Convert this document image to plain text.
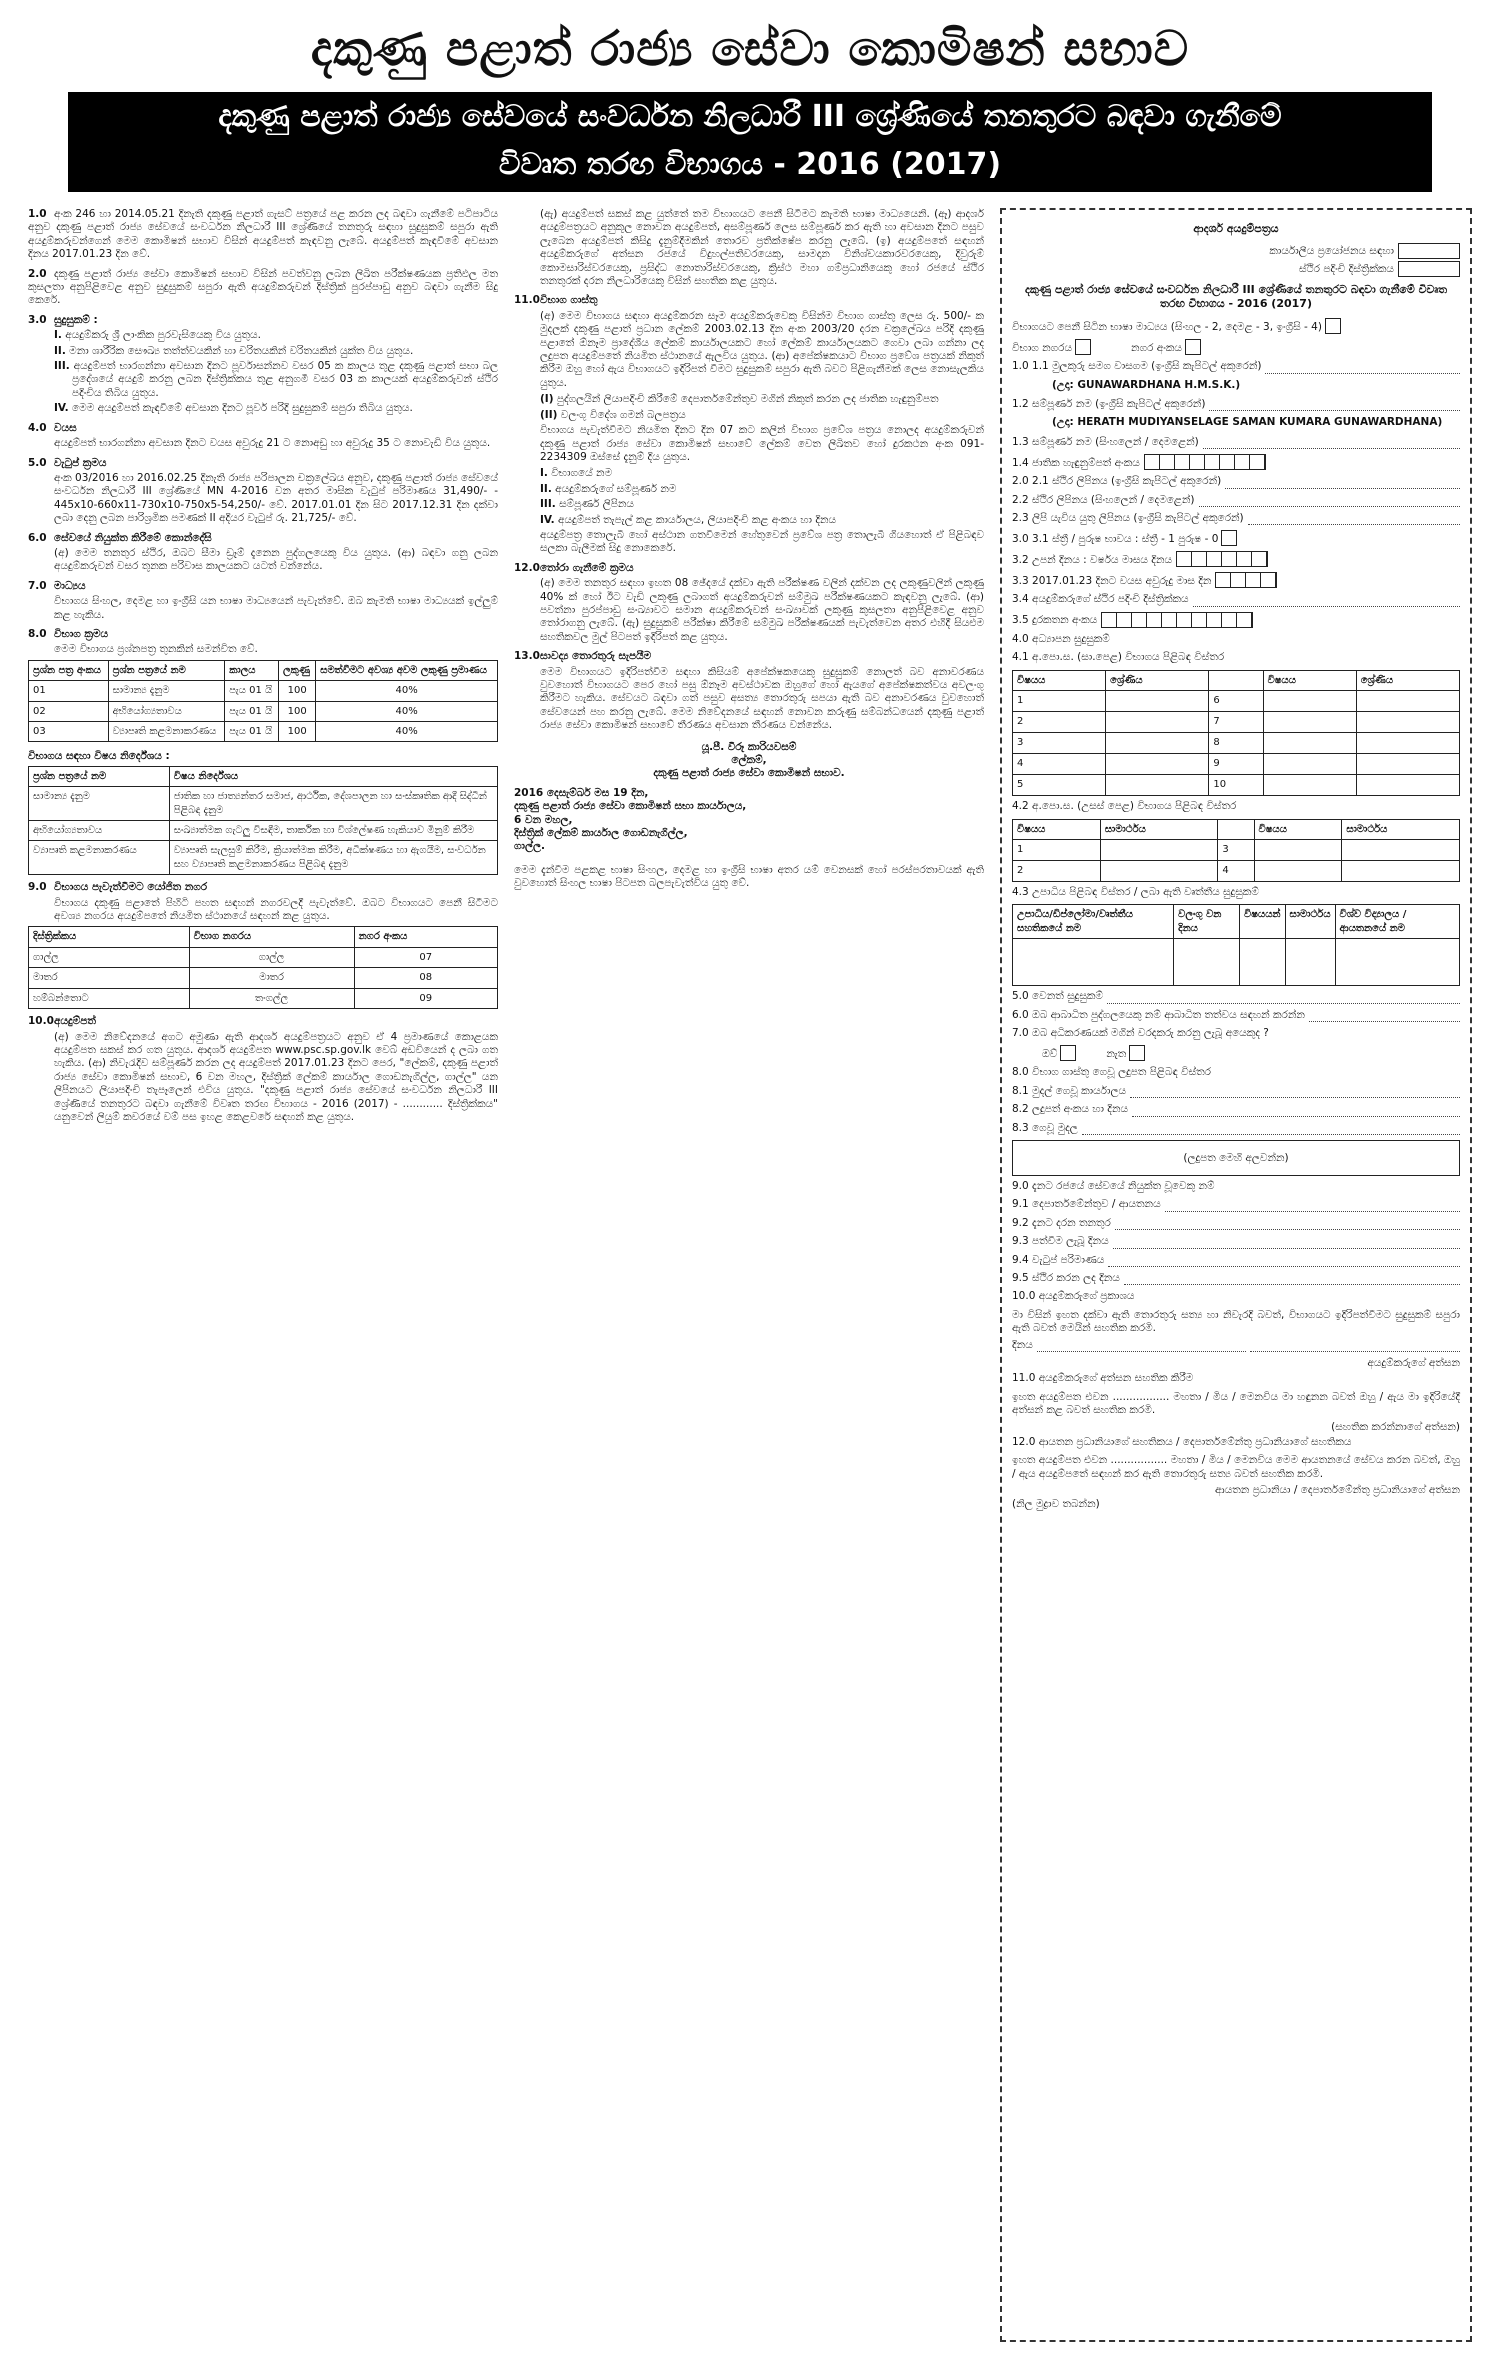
දකුණු පළාත් රාජ්‍ය සේවා කොමිෂන් සභාව
දකුණු පළාත් රාජ්‍ය සේවයේ සංවර්ධන නිලධාරී III ශ්‍රේණියේ තනතුරට බඳවා ගැනීමේ
විවෘත තරඟ විභාගය - 2016 (2017)

1.0 අංක 246 හා 2014.05.21 දිනැති දකුණු පළාත් ගැසට් පත්‍රයේ පළ කරන ලද බඳවා ගැනීමේ පටිපාටිය අනුව දකුණු පළාත් රාජ්‍ය සේවයේ සංවර්ධන නිලධාරී III ශ්‍රේණියේ තනතුරු සඳහා සුදුසුකම් සපුරා ඇති අයදුම්කරුවන්ගෙන් මෙම කොමිෂන් සභාව විසින් අයදුම්පත් කැඳවනු ලැබේ. අයදුම්පත් කැඳවීමේ අවසාන දිනය 2017.01.23 දින වේ.

2.0 දකුණු පළාත් රාජ්‍ය සේවා කොමිෂන් සභාව විසින් පවත්වනු ලබන ලිඛිත පරීක්ෂණයක ප්‍රතිඵල මත කුසලතා අනුපිළිවෙළ අනුව සුදුසුකම් සපුරා ඇති අයදුම්කරුවන් දිස්ත්‍රික් පුරප්පාඩු අනුව බඳවා ගැනීම සිදු කෙරේ.

3.0 සුදුසුකම් :
I. අයදුම්කරු ශ්‍රී ලාංකික පුරවැසියෙකු විය යුතුය.
II. මනා ශාරීරික සෞඛ්‍ය තත්ත්වයකින් හා චරිතයකින් වරිතයකින් යුක්ත විය යුතුය.
III. අයදුම්පත් භාරගන්නා අවසාන දිනට පූර්වාසන්නව වසර 05 ක කාලය තුළ දකුණු පළාත් සභා බල ප්‍රදේශයේ අයදුම් කරනු ලබන දිස්ත්‍රික්කය තුළ අනුගමී වසර 03 ක කාලයක් අයදුම්කරුවන් ස්ථිර පදිංචිය තිබිය යුතුය.
IV. මෙම අයදුම්පත් කැඳවීමේ අවසාන දිනට පූර්ව පරිදි සුදුසුකම් සපුරා තිබිය යුතුය.
4.0 වයස

අයදුම්පත් භාරගන්නා අවසාන දිනට වයස අවුරුදු 21 ට නොඅඩු හා අවුරුදු 35 ට නොවැඩි විය යුතුය.

5.0 වැටුප් ක්‍රමය

අංක 03/2016 හා 2016.02.25 දිනැති රාජ්‍ය පරිපාලන චක්‍රලේඛය අනුව, දකුණු පළාත් රාජ්‍ය සේවයේ සංවර්ධන නිලධාරී III ශ්‍රේණියේ MN 4-2016 වන අතර මාසික වැටුප් පරිමාණය 31,490/- - 445x10-660x11-730x10-750x5-54,250/- වේ. 2017.01.01 දින සිට 2017.12.31 දින දක්වා ලබා දෙනු ලබන පාරිශ්‍රමික පමණක් II අදියර වැටුප් රු. 21,725/- වේ.

6.0 සේවයේ නියුක්ත කිරීමේ කොන්දේසි

(අ) මෙම තනතුර ස්ථිර, ඔබට සීමා ඩ්‍රෑම් දැනෙන පුද්ගලයෙකු විය යුතුය. (ආ) බඳවා ගනු ලබන අයදුම්කරුවන් වසර තුනක පරිවාස කාලයකට යටත් වන්නේය.

7.0 මාධ්‍යය

විභාගය සිංහල, දෙමළ හා ඉංග්‍රීසි යන භාෂා මාධ්‍යයෙන් පැවැත්වේ. ඔබ කැමති භාෂා මාධ්‍යයක් ඉල්ලුම් කළ හැකිය.

8.0 විභාග ක්‍රමය

මෙම විභාගය ප්‍රශ්නපත්‍ර තුනකින් සමන්විත වේ.

ප්‍රශ්න පත්‍ර අංකය	ප්‍රශ්න පත්‍රයේ නම	කාලය	ලකුණු	සමත්වීමට අවශ්‍ය අවම ලකුණු ප්‍රමාණය
01	සාමාන්‍ය දැනුම	පැය 01 යි	100	40%
02	අභියෝග්‍යතාවය	පැය 01 යි	100	40%
03	ව්‍යාපෘති කළමනාකරණය	පැය 01 යි	100	40%
විභාගය සඳහා විෂය නිර්දේශය :
ප්‍රශ්න පත්‍රයේ නම	විෂය නිර්දේශය
සාමාන්‍ය දැනුම	ජාතික හා ජාත්‍යන්තර සමාජ, ආර්ථික, දේශපාලන හා සංස්කෘතික ආදී සිද්ධීන් පිළිබඳ දැනුම
අභියෝග්‍යතාවය	සංඛ්‍යාත්මක ගැටලු විසඳීම, තාර්කික හා විශ්ලේෂණ හැකියාව මිනුම් කිරීම
ව්‍යාපෘති කළමනාකරණය	ව්‍යාපෘති සැලසුම් කිරීම, ක්‍රියාත්මක කිරීම, අධීක්ෂණය හා ඇගයීම, සංවර්ධන සහ ව්‍යාපෘති කළමනාකරණය පිළිබඳ දැනුම
9.0 විභාගය පැවැත්වීමට යෝජිත නගර

විභාගය දකුණු පළාතේ පිහිටි පහත සඳහන් නගරවලදී පැවැත්වේ. ඔබට විභාගයට පෙනී සිටීමට අවශ්‍ය නගරය අයදුම්පතේ නියමිත ස්ථානයේ සඳහන් කළ යුතුය.

දිස්ත්‍රික්කය	විභාග නගරය	නගර අංකය
ගාල්ල	ගාල්ල	07
මාතර	මාතර	08
හම්බන්තොට	තංගල්ල	09
10.0අයදුම්පත්

(අ) මෙම නිවේදනයේ අගට අමුණා ඇති ආදර්ශ අයදුම්පත්‍රයට අනුව ඒ 4 ප්‍රමාණයේ කොළයක අයදුම්පත සකස් කර ගත යුතුය. ආදර්ශ අයදුම්පත www.psc.sp.gov.lk වෙබ් අඩවියෙන් ද ලබා ගත හැකිය. (ආ) නිවැරැදිව සම්පූර්ණ කරන ලද අයදුම්පත් 2017.01.23 දිනට පෙර, "ලේකම්, දකුණු පළාත් රාජ්‍ය සේවා කොමිෂන් සභාව, 6 වන මහල, දිස්ත්‍රික් ලේකම් කාර්යාල ගොඩනැගිල්ල, ගාල්ල" යන ලිපිනයට ලියාපදිංචි තැපෑලෙන් එවිය යුතුය. "දකුණු පළාත් රාජ්‍ය සේවයේ සංවර්ධන නිලධාරී III ශ්‍රේණියේ තනතුරට බඳවා ගැනීමේ විවෘත තරඟ විභාගය - 2016 (2017) - ............ දිස්ත්‍රික්කය" යනුවෙන් ලියුම් කවරයේ වම් පස ඉහළ කෙළවරේ සඳහන් කළ යුතුය.

(ඇ) අයදුම්පත් සකස් කළ යුත්තේ තම විභාගයට පෙනී සිටීමට කැමති භාෂා මාධ්‍යයෙනි. (ඈ) ආදර්ශ අයදුම්පත්‍රයට අනුකූල නොවන අයදුම්පත්, අසම්පූර්ණ ලෙස සම්පූර්ණ කර ඇති හා අවසාන දිනට පසුව ලැබෙන අයදුම්පත් කිසිදු දැනුම්දීමකින් තොරව ප්‍රතික්ෂේප කරනු ලැබේ. (ඉ) අයදුම්පතේ සඳහන් අයදුම්කරුගේ අත්සන රජයේ විදුහල්පතිවරයෙකු, සාමදාන විනිශ්චයකාරවරයෙකු, දිවුරුම් කොමසාරිස්වරයෙකු, ප්‍රසිද්ධ නොතාරිස්වරයෙකු, ක්‍රිස්ථ මහා ගම්ප්‍රධානියෙකු හෝ රජයේ ස්ථිර තනතුරක් දරන නිලධාරියෙකු විසින් සහතික කළ යුතුය.

11.0විභාග ගාස්තු

(අ) මෙම විභාගය සඳහා අයදුම්කරන සෑම අයදුම්කරුවෙකු විසින්ම විභාග ගාස්තු ලෙස රු. 500/- ක මුදලක් දකුණු පළාත් ප්‍රධාන ලේකම් 2003.02.13 දින අංක 2003/20 දරන චක්‍රලේඛය පරිදි දකුණු පළාතේ ඕනෑම ප්‍රාදේශීය ලේකම් කාර්යාලයකට හෝ ලේකම් කාර්යාලයකට ගෙවා ලබා ගන්නා ලද ලදුපත අයදුම්පතේ නියමිත ස්ථානයේ ඇලවිය යුතුය. (ආ) අපේක්ෂකයාට විභාග ප්‍රවේශ පත්‍රයක් නිකුත් කිරීම ඔහු හෝ ඇය විභාගයට ඉදිරිපත් වීමට සුදුසුකම් සපුරා ඇති බවට පිළිගැනීමක් ලෙස නොසැලකිය යුතුය.

(I) පුද්ගලයින් ලියාපදිංචි කිරීමේ දෙපාර්තමේන්තුව මගින් නිකුත් කරන ලද ජාතික හැඳුනුම්පත
(II) වලංගු විදේශ ගමන් බලපත්‍රය

විභාගය පැවැත්වීමට නියමිත දිනට දින 07 කට කලින් විභාග ප්‍රවේශ පත්‍රය නොලද අයදුම්කරුවන් දකුණු පළාත් රාජ්‍ය සේවා කොමිෂන් සභාවේ ලේකම් වෙත ලිඛිතව හෝ දුරකථන අංක 091-2234309 ඔස්සේ දැනුම් දිය යුතුය.

I. විභාගයේ නම
II. අයදුම්කරුගේ සම්පූර්ණ නම
III. සම්පූර්ණ ලිපිනය
IV. අයදුම්පත් තැපැල් කළ කාර්යාලය, ලියාපදිංචි කළ අංකය හා දිනය

අයදුම්පත්‍ර තොලැබී හෝ අස්ථාන ගතවීමෙන් හේතුවෙන් ප්‍රවේශ පත්‍ර තොලැබී ගියහොත් ඒ පිළිබඳව සලකා බැලීමක් සිදු නොකෙරේ.

12.0තෝරා ගැනීමේ ක්‍රමය

(අ) මෙම තනතුර සඳහා ඉහත 08 ඡේදයේ දක්වා ඇති පරීක්ෂණ වලින් දක්වන ලද ලකුණුවලින් ලකුණු 40% ක් හෝ ඊට වැඩි ලකුණු ලබාගත් අයදුම්කරුවන් සම්මුඛ පරීක්ෂණයකට කැඳවනු ලැබේ. (ආ) පවත්නා පුරප්පාඩු සංඛ්‍යාවට සමාන අයදුම්කරුවන් සංඛ්‍යාවක් ලකුණු කුසලතා අනුපිළිවෙළ අනුව තෝරාගනු ලැබේ. (ඇ) සුදුසුකම් පරීක්ෂා කිරීමේ සම්මුඛ පරීක්ෂණයක් පැවැත්වෙන අතර එහිදී සියළුම සහතිකවල මුල් පිටපත් ඉදිරිපත් කළ යුතුය.

13.0සාවද්‍ය තොරතුරු සැපයීම

මෙම විභාගයට ඉදිරිපත්වීම සඳහා කිසියම් අපේක්ෂකයෙකු සුදුසුකම් නොලත් බව අනාවරණය වුවහොත් විභාගයට පෙර හෝ පසු ඕනෑම අවස්ථාවක ඔහුගේ හෝ ඇයගේ අපේක්ෂකත්වය අවලංගු කිරීමට හැකිය. සේවයට බඳවා ගත් පසුව අසත්‍ය තොරතුරු සපයා ඇති බව අනාවරණය වුවහොත් සේවයෙන් පහ කරනු ලැබේ. මෙම නිවේදනයේ සඳහන් නොවන කරුණු සම්බන්ධයෙන් දකුණු පළාත් රාජ්‍ය සේවා කොමිෂන් සභාවේ තීරණය අවසාන තීරණය වන්නේය.

යූ.පී. වීරූ කාරියවසම්
ලේකම්,
දකුණු පළාත් රාජ්‍ය සේවා කොමිෂන් සභාව.
2016 දෙසැම්බර් මස 19 දින,
දකුණු පළාත් රාජ්‍ය සේවා කොමිෂන් සභා කාර්යාලය,
6 වන මහල,
දිස්ත්‍රික් ලේකම් කාර්යාල ගොඩනැගිල්ල,
ගාල්ල.

මෙම දැන්වීම පළකළ භාෂා සිංහල, දෙමළ හා ඉංග්‍රීසි භාෂා අතර යම් වෙනසක් හෝ පරස්පරතාවයක් ඇති වුවහොත් සිංහල භාෂා පිටපත බලපැවැත්විය යුතු වේ.

ආදර්ශ අයදුම්පත්‍රය
කාර්යාලීය ප්‍රයෝජනය සඳහා
ස්ථිර පදිංචි දිස්ත්‍රික්කය
දකුණු පළාත් රාජ්‍ය සේවයේ සංවර්ධන නිලධාරී III ශ්‍රේණියේ තනතුරට බඳවා ගැනීමේ විවෘත තරඟ විභාගය - 2016 (2017)
විභාගයට පෙනී සිටින භාෂා මාධ්‍යය (සිංහල - 2, දෙමළ - 3, ඉංග්‍රීසි - 4)
විභාග නගරය	නගර අංකය
1.0 1.1 මුලකුරු සමග වාසගම (ඉංග්‍රීසි කැපිටල් අකුරෙන්)
(උදා: GUNAWARDHANA H.M.S.K.)
1.2 සම්පූර්ණ නම (ඉංග්‍රීසි කැපිටල් අකුරෙන්)
(උදා: HERATH MUDIYANSELAGE SAMAN KUMARA GUNAWARDHANA)
1.3 සම්පූර්ණ නම (සිංහලෙන් / දෙමළෙන්)
1.4 ජාතික හැඳුනුම්පත් අංකය
2.0 2.1 ස්ථිර ලිපිනය (ඉංග්‍රීසි කැපිටල් අකුරෙන්)
2.2 ස්ථිර ලිපිනය (සිංහලෙන් / දෙමළෙන්)
2.3 ලිපි යැවිය යුතු ලිපිනය (ඉංග්‍රීසි කැපිටල් අකුරෙන්)
3.0 3.1 ස්ත්‍රී / පුරුෂ භාවය : ස්ත්‍රී - 1 පුරුෂ - 0
3.2 උපන් දිනය : වර්ෂය මාසය දිනය
3.3 2017.01.23 දිනට වයස අවුරුදු මාස දින
3.4 අයදුම්කරුගේ ස්ථිර පදිංචි දිස්ත්‍රික්කය
3.5 දුරකතන අංකය
4.0 අධ්‍යාපන සුදුසුකම්
4.1 අ.පො.ස. (සා.පෙළ) විභාගය පිළිබඳ විස්තර
විෂයය	ශ්‍රේණිය		විෂයය	ශ්‍රේණිය
1		6		
2		7		
3		8		
4		9		
5		10		
4.2 අ.පො.ස. (උසස් පෙළ) විභාගය පිළිබඳ විස්තර
විෂයය	සාමාර්ථය		විෂයය	සාමාර්ථය
1		3		
2		4		
4.3 උපාධිය පිළිබඳ විස්තර / ලබා ඇති වෘත්තීය සුදුසුකම්
උපාධිය/ඩිප්ලෝමා/වෘත්තීය සහතිකයේ නම	වලංගු වන දිනය	විෂයයන්	සාමාර්ථය	විශ්ව විද්‍යාලය / ආයතනයේ නම

5.0 වෙනත් සුදුසුකම්
6.0 ඔබ ආබාධිත පුද්ගලයෙකු නම් ආබාධිත තත්වය සඳහන් කරන්න
7.0 ඔබ අධිකරණයක් මගින් වරදකරු කරනු ලැබූ අයෙකුද ?
ඔව්	නැත
8.0 විභාග ගාස්තු ගෙවූ ලදුපත පිළිබඳ විස්තර
8.1 මුදල් ගෙවූ කාර්යාලය
8.2 ලදුපත් අංකය හා දිනය
8.3 ගෙවූ මුදල
(ලදුපත මෙහි අලවන්න)
9.0 දැනට රජයේ සේවයේ නියුක්ත වූවෙකු නම්
9.1 දෙපාර්තමේන්තුව / ආයතනය
9.2 දැනට දරන තනතුර
9.3 පත්වීම ලැබූ දිනය
9.4 වැටුප් පරිමාණය
9.5 ස්ථිර කරන ලද දිනය
10.0 අයදුම්කරුගේ ප්‍රකාශය

මා විසින් ඉහත දක්වා ඇති තොරතුරු සත්‍ය හා නිවැරදි බවත්, විභාගයට ඉදිරිපත්වීමට සුදුසුකම් සපුරා ඇති බවත් මෙයින් සහතික කරමි.

දිනය
අයදුම්කරුගේ අත්සන
11.0 අයදුම්කරුගේ අත්සන සහතික කිරීම

ඉහත අයදුම්පත එවන ................. මහතා / මිය / මෙනවිය මා හඳුනන බවත් ඔහු / ඇය මා ඉදිරියේදී අත්සන් කළ බවත් සහතික කරමි.

(සහතික කරන්නාගේ අත්සන)
12.0 ආයතන ප්‍රධානියාගේ සහතිකය / දෙපාර්තමේන්තු ප්‍රධානියාගේ සහතිකය

ඉහත අයදුම්පත එවන ................. මහතා / මිය / මෙනවිය මෙම ආයතනයේ සේවය කරන බවත්, ඔහු / ඇය අයදුම්පතේ සඳහන් කර ඇති තොරතුරු සත්‍ය බවත් සහතික කරමි.

ආයතන ප්‍රධානියා / දෙපාර්තමේන්තු ප්‍රධානියාගේ අත්සන
(නිල මුද්‍රාව තබන්න)
